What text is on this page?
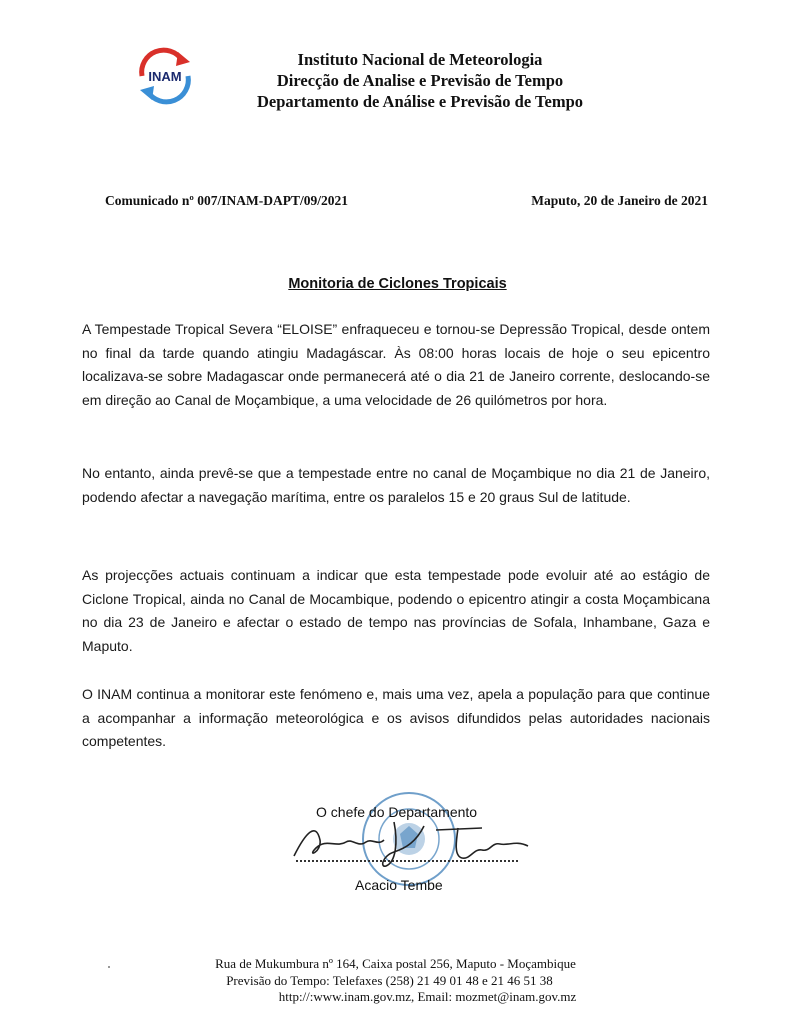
INAM
Instituto Nacional de Meteorologia
Direcção de Analise e Previsão de Tempo
Departamento de Análise e Previsão de Tempo
Comunicado nº 007/INAM-DAPT/09/2021	Maputo, 20 de Janeiro de 2021
Monitoria de Ciclones Tropicais

A Tempestade Tropical Severa “ELOISE” enfraqueceu e tornou-se Depressão Tropical, desde ontem no final da tarde quando atingiu Madagáscar. Às 08:00 horas locais de hoje o seu epicentro localizava-se sobre Madagascar onde permanecerá até o dia 21 de Janeiro corrente, deslocando-se em direção ao Canal de Moçambique, a uma velocidade de 26 quilómetros por hora.

No entanto, ainda prevê-se que a tempestade entre no canal de Moçambique no dia 21 de Janeiro, podendo afectar a navegação marítima, entre os paralelos 15 e 20 graus Sul de latitude.

As projecções actuais continuam a indicar que esta tempestade pode evoluir até ao estágio de Ciclone Tropical, ainda no Canal de Mocambique, podendo o epicentro atingir a costa Moçambicana no dia 23 de Janeiro e afectar o estado de tempo nas províncias de Sofala, Inhambane, Gaza e Maputo.

O INAM continua a monitorar este fenómeno e, mais uma vez, apela a população para que continue a acompanhar a informação meteorológica e os avisos difundidos pelas autoridades nacionais competentes.

O chefe do Departamento
Acacio Tembe
Rua de Mukumbura nº 164, Caixa postal 256, Maputo - Moçambique
Previsão do Tempo: Telefaxes (258) 21 49 01 48 e 21 46 51 38
http://:www.inam.gov.mz, Email: mozmet@inam.gov.mz
